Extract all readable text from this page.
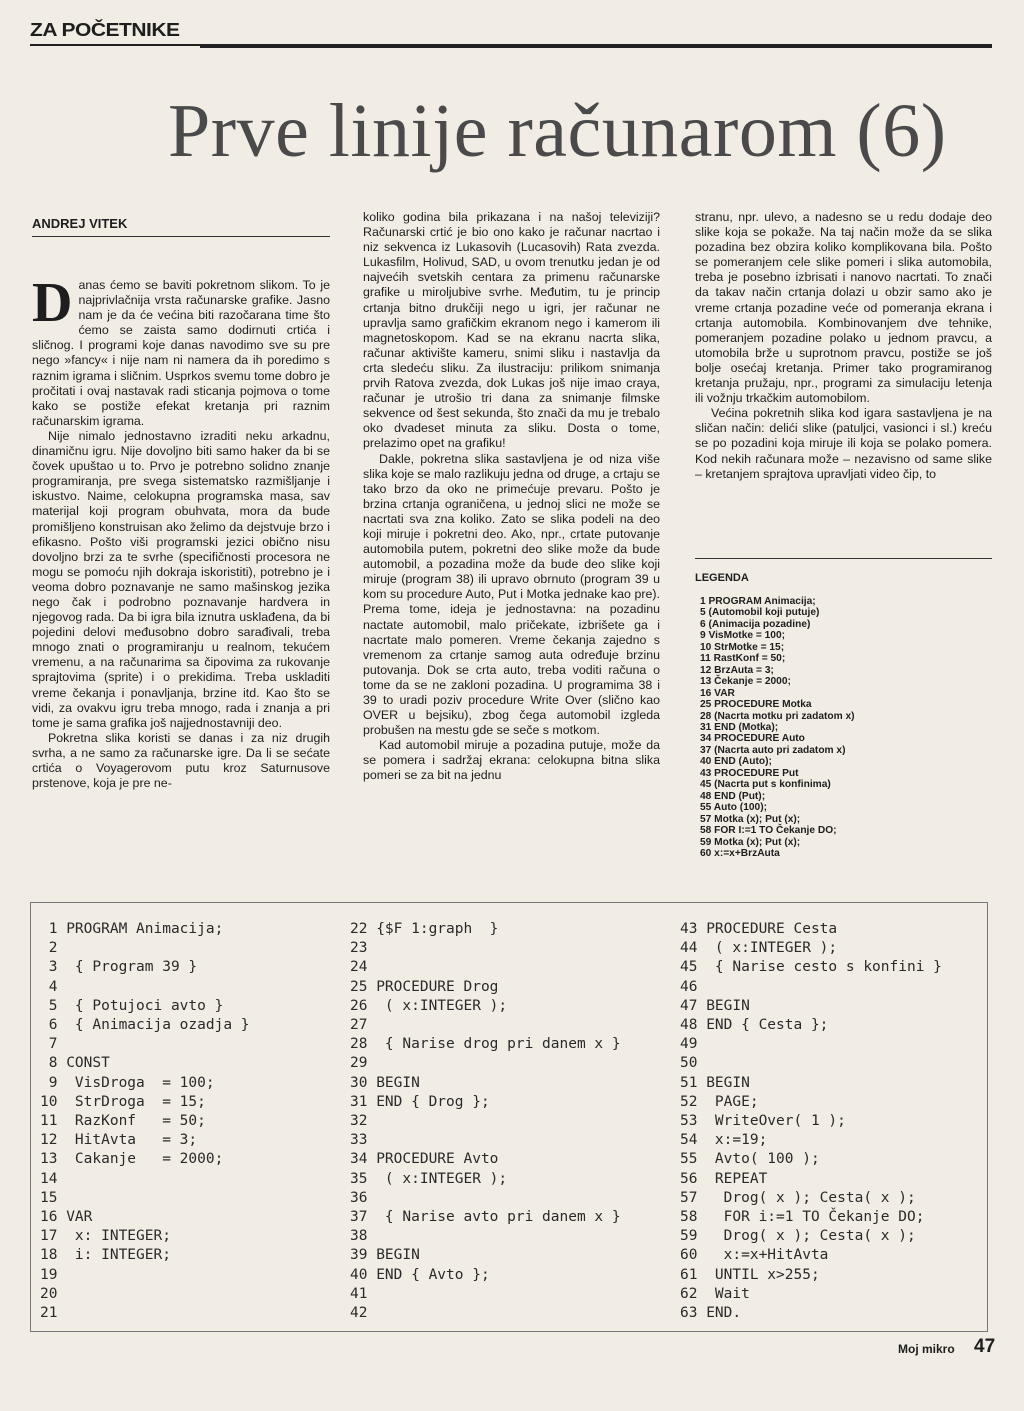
ZA POČETNIKE
Prve linije računarom (6)
ANDREJ VITEK

Danas ćemo se baviti pokretnom slikom. To je najprivlačnija vrsta računarske grafike. Jasno nam je da će većina biti razočarana time što ćemo se zaista samo dodirnuti crtića i sličnog. I programi koje danas navodimo sve su pre nego »fancy« i nije nam ni namera da ih poredimo s raznim igrama i sličnim. Usprkos svemu tome dobro je pročitati i ovaj nastavak radi sticanja pojmova o tome kako se postiže efekat kretanja pri raznim računarskim igrama.

Nije nimalo jednostavno izraditi neku arkadnu, dinamičnu igru. Nije dovoljno biti samo haker da bi se čovek upuštao u to. Prvo je potrebno solidno znanje programiranja, pre svega sistematsko razmišljanje i iskustvo. Naime, celokupna programska masa, sav materijal koji program obuhvata, mora da bude promišljeno konstruisan ako želimo da dejstvuje brzo i efikasno. Pošto viši programski jezici obično nisu dovoljno brzi za te svrhe (specifičnosti procesora ne mogu se pomoću njih dokraja iskoristiti), potrebno je i veoma dobro poznavanje ne samo mašinskog jezika nego čak i podrobno poznavanje hardvera in njegovog rada. Da bi igra bila iznutra usklađena, da bi pojedini delovi međusobno dobro sarađivali, treba mnogo znati o programiranju u realnom, tekućem vremenu, a na računarima sa čipovima za rukovanje sprajtovima (sprite) i o prekidima. Treba uskladiti vreme čekanja i ponavljanja, brzine itd. Kao što se vidi, za ovakvu igru treba mnogo, rada i znanja a pri tome je sama grafika još najjednostavniji deo.

Pokretna slika koristi se danas i za niz drugih svrha, a ne samo za računarske igre. Da li se sećate crtića o Voyagerovom putu kroz Saturnusove prstenove, koja je pre ne-

koliko godina bila prikazana i na našoj televiziji? Računarski crtić je bio ono kako je računar nacrtao i niz sekvenca iz Lukasovih (Lucasovih) Rata zvezda. Lukasfilm, Holivud, SAD, u ovom trenutku jedan je od najvećih svetskih centara za primenu računarske grafike u miroljubive svrhe. Međutim, tu je princip crtanja bitno drukčiji nego u igri, jer računar ne upravlja samo grafičkim ekranom nego i kamerom ili magnetoskopom. Kad se na ekranu nacrta slika, računar aktivište kameru, snimi sliku i nastavlja da crta sledeću sliku. Za ilustraciju: prilikom snimanja prvih Ratova zvezda, dok Lukas još nije imao craya, računar je utrošio tri dana za snimanje filmske sekvence od šest sekunda, što znači da mu je trebalo oko dvadeset minuta za sliku. Dosta o tome, prelazimo opet na grafiku!

Dakle, pokretna slika sastavljena je od niza više slika koje se malo razlikuju jedna od druge, a crtaju se tako brzo da oko ne primećuje prevaru. Pošto je brzina crtanja ograničena, u jednoj slici ne može se nacrtati sva zna koliko. Zato se slika podeli na deo koji miruje i pokretni deo. Ako, npr., crtate putovanje automobila putem, pokretni deo slike može da bude automobil, a pozadina može da bude deo slike koji miruje (program 38) ili upravo obrnuto (program 39 u kom su procedure Auto, Put i Motka jednake kao pre). Prema tome, ideja je jednostavna: na pozadinu nactate automobil, malo pričekate, izbrišete ga i nacrtate malo pomeren. Vreme čekanja zajedno s vremenom za crtanje samog auta određuje brzinu putovanja. Dok se crta auto, treba voditi računa o tome da se ne zakloni pozadina. U programima 38 i 39 to uradi poziv procedure Write Over (slično kao OVER u bejsiku), zbog čega automobil izgleda probušen na mestu gde se seče s motkom.

Kad automobil miruje a pozadina putuje, može da se pomera i sadržaj ekrana: celokupna bitna slika pomeri se za bit na jednu

stranu, npr. ulevo, a nadesno se u redu dodaje deo slike koja se pokaže. Na taj način može da se slika pozadina bez obzira koliko komplikovana bila. Pošto se pomeranjem cele slike pomeri i slika automobila, treba je posebno izbrisati i nanovo nacrtati. To znači da takav način crtanja dolazi u obzir samo ako je vreme crtanja pozadine veće od pomeranja ekrana i crtanja automobila. Kombinovanjem dve tehnike, pomeranjem pozadine polako u jednom pravcu, a utomobila brže u suprotnom pravcu, postiže se još bolje osećaj kretanja. Primer tako programiranog kretanja pružaju, npr., programi za simulaciju letenja ili vožnju trkačkim automobilom.

Većina pokretnih slika kod igara sastavljena je na sličan način: delići slike (patuljci, vasionci i sl.) kreću se po pozadini koja miruje ili koja se polako pomera. Kod nekih računara može – nezavisno od same slike – kretanjem sprajtova upravljati video čip, to

LEGENDA
1 PROGRAM Animacija;
5 (Automobil koji putuje)
6 (Animacija pozadine)
9 VisMotke = 100;
10 StrMotke = 15;
11 RastKonf = 50;
12 BrzAuta = 3;
13 Čekanje = 2000;
16 VAR
25 PROCEDURE Motka
28 (Nacrta motku pri zadatom x)
31 END (Motka);
34 PROCEDURE Auto
37 (Nacrta auto pri zadatom x)
40 END (Auto);
43 PROCEDURE Put
45 (Nacrta put s konfinima)
48 END (Put);
55 Auto (100);
57 Motka (x); Put (x);
58 FOR I:=1 TO Čekanje DO;
59 Motka (x); Put (x);
60 x:=x+BrzAuta
1 PROGRAM Animacija;
2
3  { Program 39 }
4
5  { Potujoci avto }
6  { Animacija ozadja }
7
8 CONST
9  VisDroga  = 100;
10  StrDroga  = 15;
11  RazKonf   = 50;
12  HitAvta   = 3;
13  Cakanje   = 2000;
14
15
16 VAR
17  x: INTEGER;
18  i: INTEGER;
19
20
21
22 {$F 1:graph  }
23
24
25 PROCEDURE Drog
26  ( x:INTEGER );
27
28  { Narise drog pri danem x }
29
30 BEGIN
31 END { Drog };
32
33
34 PROCEDURE Avto
35  ( x:INTEGER );
36
37  { Narise avto pri danem x }
38
39 BEGIN
40 END { Avto };
41
42
43 PROCEDURE Cesta
44  ( x:INTEGER );
45  { Narise cesto s konfini }
46
47 BEGIN
48 END { Cesta };
49
50
51 BEGIN
52  PAGE;
53  WriteOver( 1 );
54  x:=19;
55  Avto( 100 );
56  REPEAT
57   Drog( x ); Cesta( x );
58   FOR i:=1 TO Čekanje DO;
59   Drog( x ); Cesta( x );
60   x:=x+HitAvta
61  UNTIL x>255;
62  Wait
63 END.
Moj mikro 47
